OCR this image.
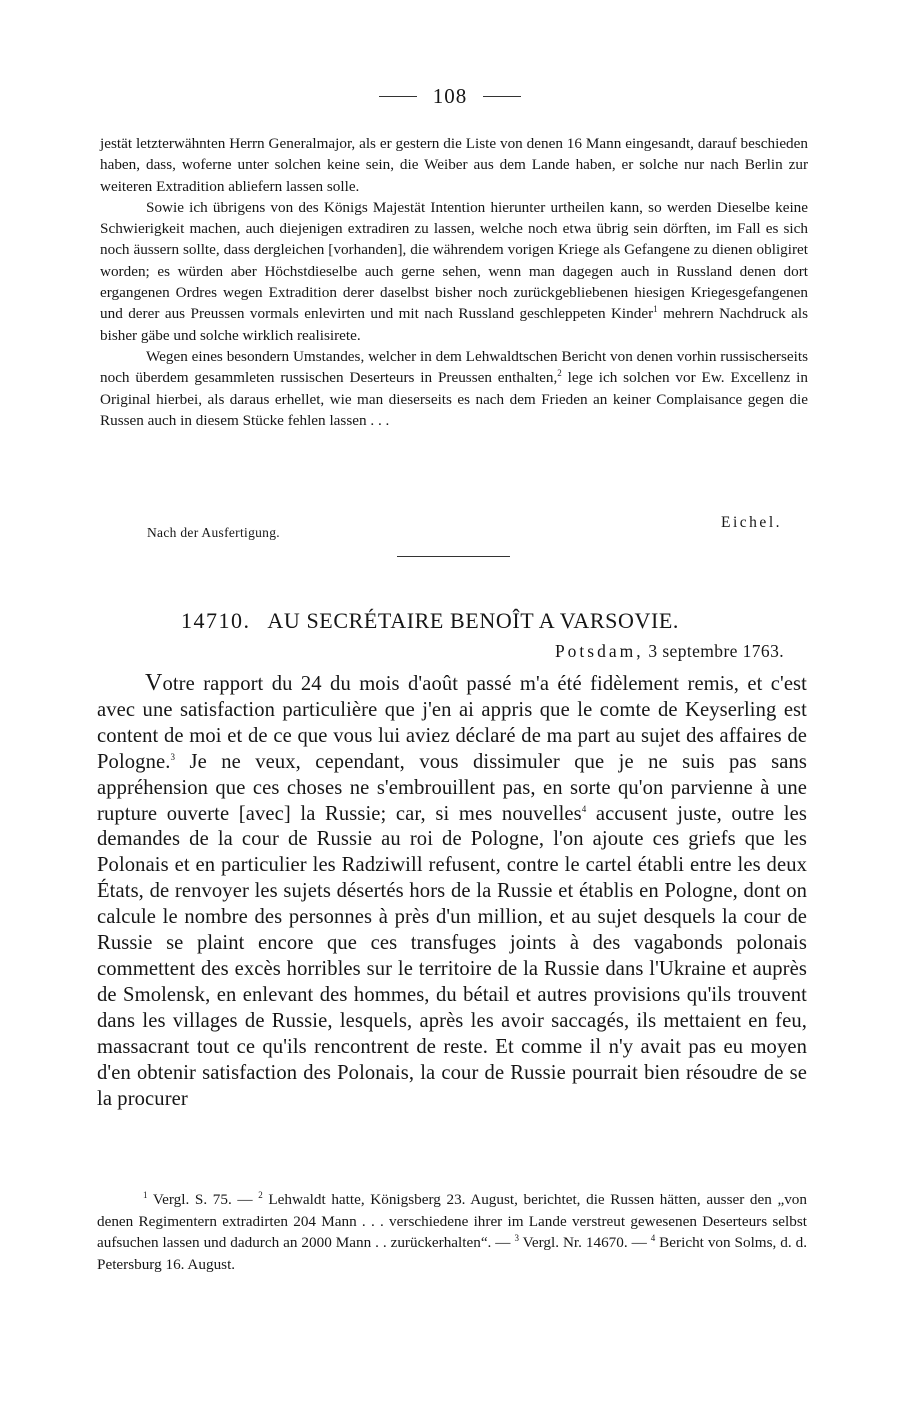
108

jestät letzterwähnten Herrn Generalmajor, als er gestern die Liste von denen 16 Mann eingesandt, darauf beschieden haben, dass, woferne unter solchen keine sein, die Weiber aus dem Lande haben, er solche nur nach Berlin zur weiteren Extradition abliefern lassen solle.

Sowie ich übrigens von des Königs Majestät Intention hierunter urtheilen kann, so werden Dieselbe keine Schwierigkeit machen, auch diejenigen extradiren zu lassen, welche noch etwa übrig sein dörften, im Fall es sich noch äussern sollte, dass dergleichen [vorhanden], die währendem vorigen Kriege als Gefangene zu dienen obligiret worden; es würden aber Höchstdieselbe auch gerne sehen, wenn man dagegen auch in Russland denen dort ergangenen Ordres wegen Extradition derer daselbst bisher noch zurückgebliebenen hiesigen Kriegesgefangenen und derer aus Preussen vormals enlevirten und mit nach Russland geschleppeten Kinder$^1$ mehrern Nachdruck als bisher gäbe und solche wirklich realisirete.

Wegen eines besondern Umstandes, welcher in dem Lehwaldtschen Bericht von denen vorhin russischerseits noch überdem gesammleten russischen Deserteurs in Preussen enthalten,$^2$ lege ich solchen vor Ew. Excellenz in Original hierbei, als daraus erhellet, wie man dieserseits es nach dem Frieden an keiner Complaisance gegen die Russen auch in diesem Stücke fehlen lassen . . .

Nach der Ausfertigung.
Eichel.
14710. AU SECRÉTAIRE BENOÎT A VARSOVIE.
Potsdam, 3 septembre 1763.

Votre rapport du 24 du mois d'août passé m'a été fidèlement remis, et c'est avec une satisfaction particulière que j'en ai appris que le comte de Keyserling est content de moi et de ce que vous lui aviez déclaré de ma part au sujet des affaires de Pologne.$^3$ Je ne veux, cependant, vous dissimuler que je ne suis pas sans appréhension que ces choses ne s'embrouillent pas, en sorte qu'on parvienne à une rupture ouverte [avec] la Russie; car, si mes nouvelles$^4$ accusent juste, outre les demandes de la cour de Russie au roi de Pologne, l'on ajoute ces griefs que les Polonais et en particulier les Radziwill refusent, contre le cartel établi entre les deux États, de renvoyer les sujets désertés hors de la Russie et établis en Pologne, dont on calcule le nombre des personnes à près d'un million, et au sujet desquels la cour de Russie se plaint encore que ces transfuges joints à des vagabonds polonais commettent des excès horribles sur le territoire de la Russie dans l'Ukraine et auprès de Smolensk, en enlevant des hommes, du bétail et autres provisions qu'ils trouvent dans les villages de Russie, lesquels, après les avoir saccagés, ils mettaient en feu, massacrant tout ce qu'ils rencontrent de reste. Et comme il n'y avait pas eu moyen d'en obtenir satisfaction des Polonais, la cour de Russie pourrait bien résoudre de se la procurer

$^1$ Vergl. S. 75. — $^2$ Lehwaldt hatte, Königsberg 23. August, berichtet, die Russen hätten, ausser den „von denen Regimentern extradirten 204 Mann . . . verschiedene ihrer im Lande verstreut gewesenen Deserteurs selbst aufsuchen lassen und dadurch an 2000 Mann . . zurückerhalten“. — $^3$ Vergl. Nr. 14670. — $^4$ Bericht von Solms, d. d. Petersburg 16. August.
